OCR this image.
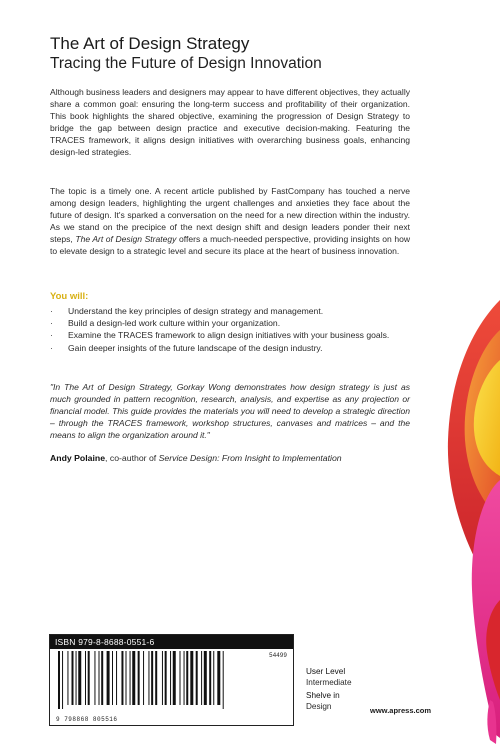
The Art of Design Strategy
Tracing the Future of Design Innovation
Although business leaders and designers may appear to have different objectives, they actually share a common goal: ensuring the long-term success and profitability of their organization. This book highlights the shared objective, examining the progression of Design Strategy to bridge the gap between design practice and executive decision-making. Featuring the TRACES framework, it aligns design initiatives with overarching business goals, enhancing design-led strategies.
The topic is a timely one. A recent article published by FastCompany has touched a nerve among design leaders, highlighting the urgent challenges and anxieties they face about the future of design. It's sparked a conversation on the need for a new direction within the industry. As we stand on the precipice of the next design shift and design leaders ponder their next steps, The Art of Design Strategy offers a much-needed perspective, providing insights on how to elevate design to a strategic level and secure its place at the heart of business innovation.
You will:
· Understand the key principles of design strategy and management.
· Build a design-led work culture within your organization.
· Examine the TRACES framework to align design initiatives with your business goals.
· Gain deeper insights of the future landscape of the design industry.
"In The Art of Design Strategy, Gorkay Wong demonstrates how design strategy is just as much grounded in pattern recognition, research, analysis, and expertise as any projection or financial model. This guide provides the materials you will need to develop a strategic direction – through the TRACES framework, workshop structures, canvases and matrices – and the means to align the organization around it."
Andy Polaine, co-author of Service Design: From Insight to Implementation
ISBN 979-8-8688-0551-6
54499
9 798868 805516
User Level
Intermediate
Shelve in
Design	www.apress.com
